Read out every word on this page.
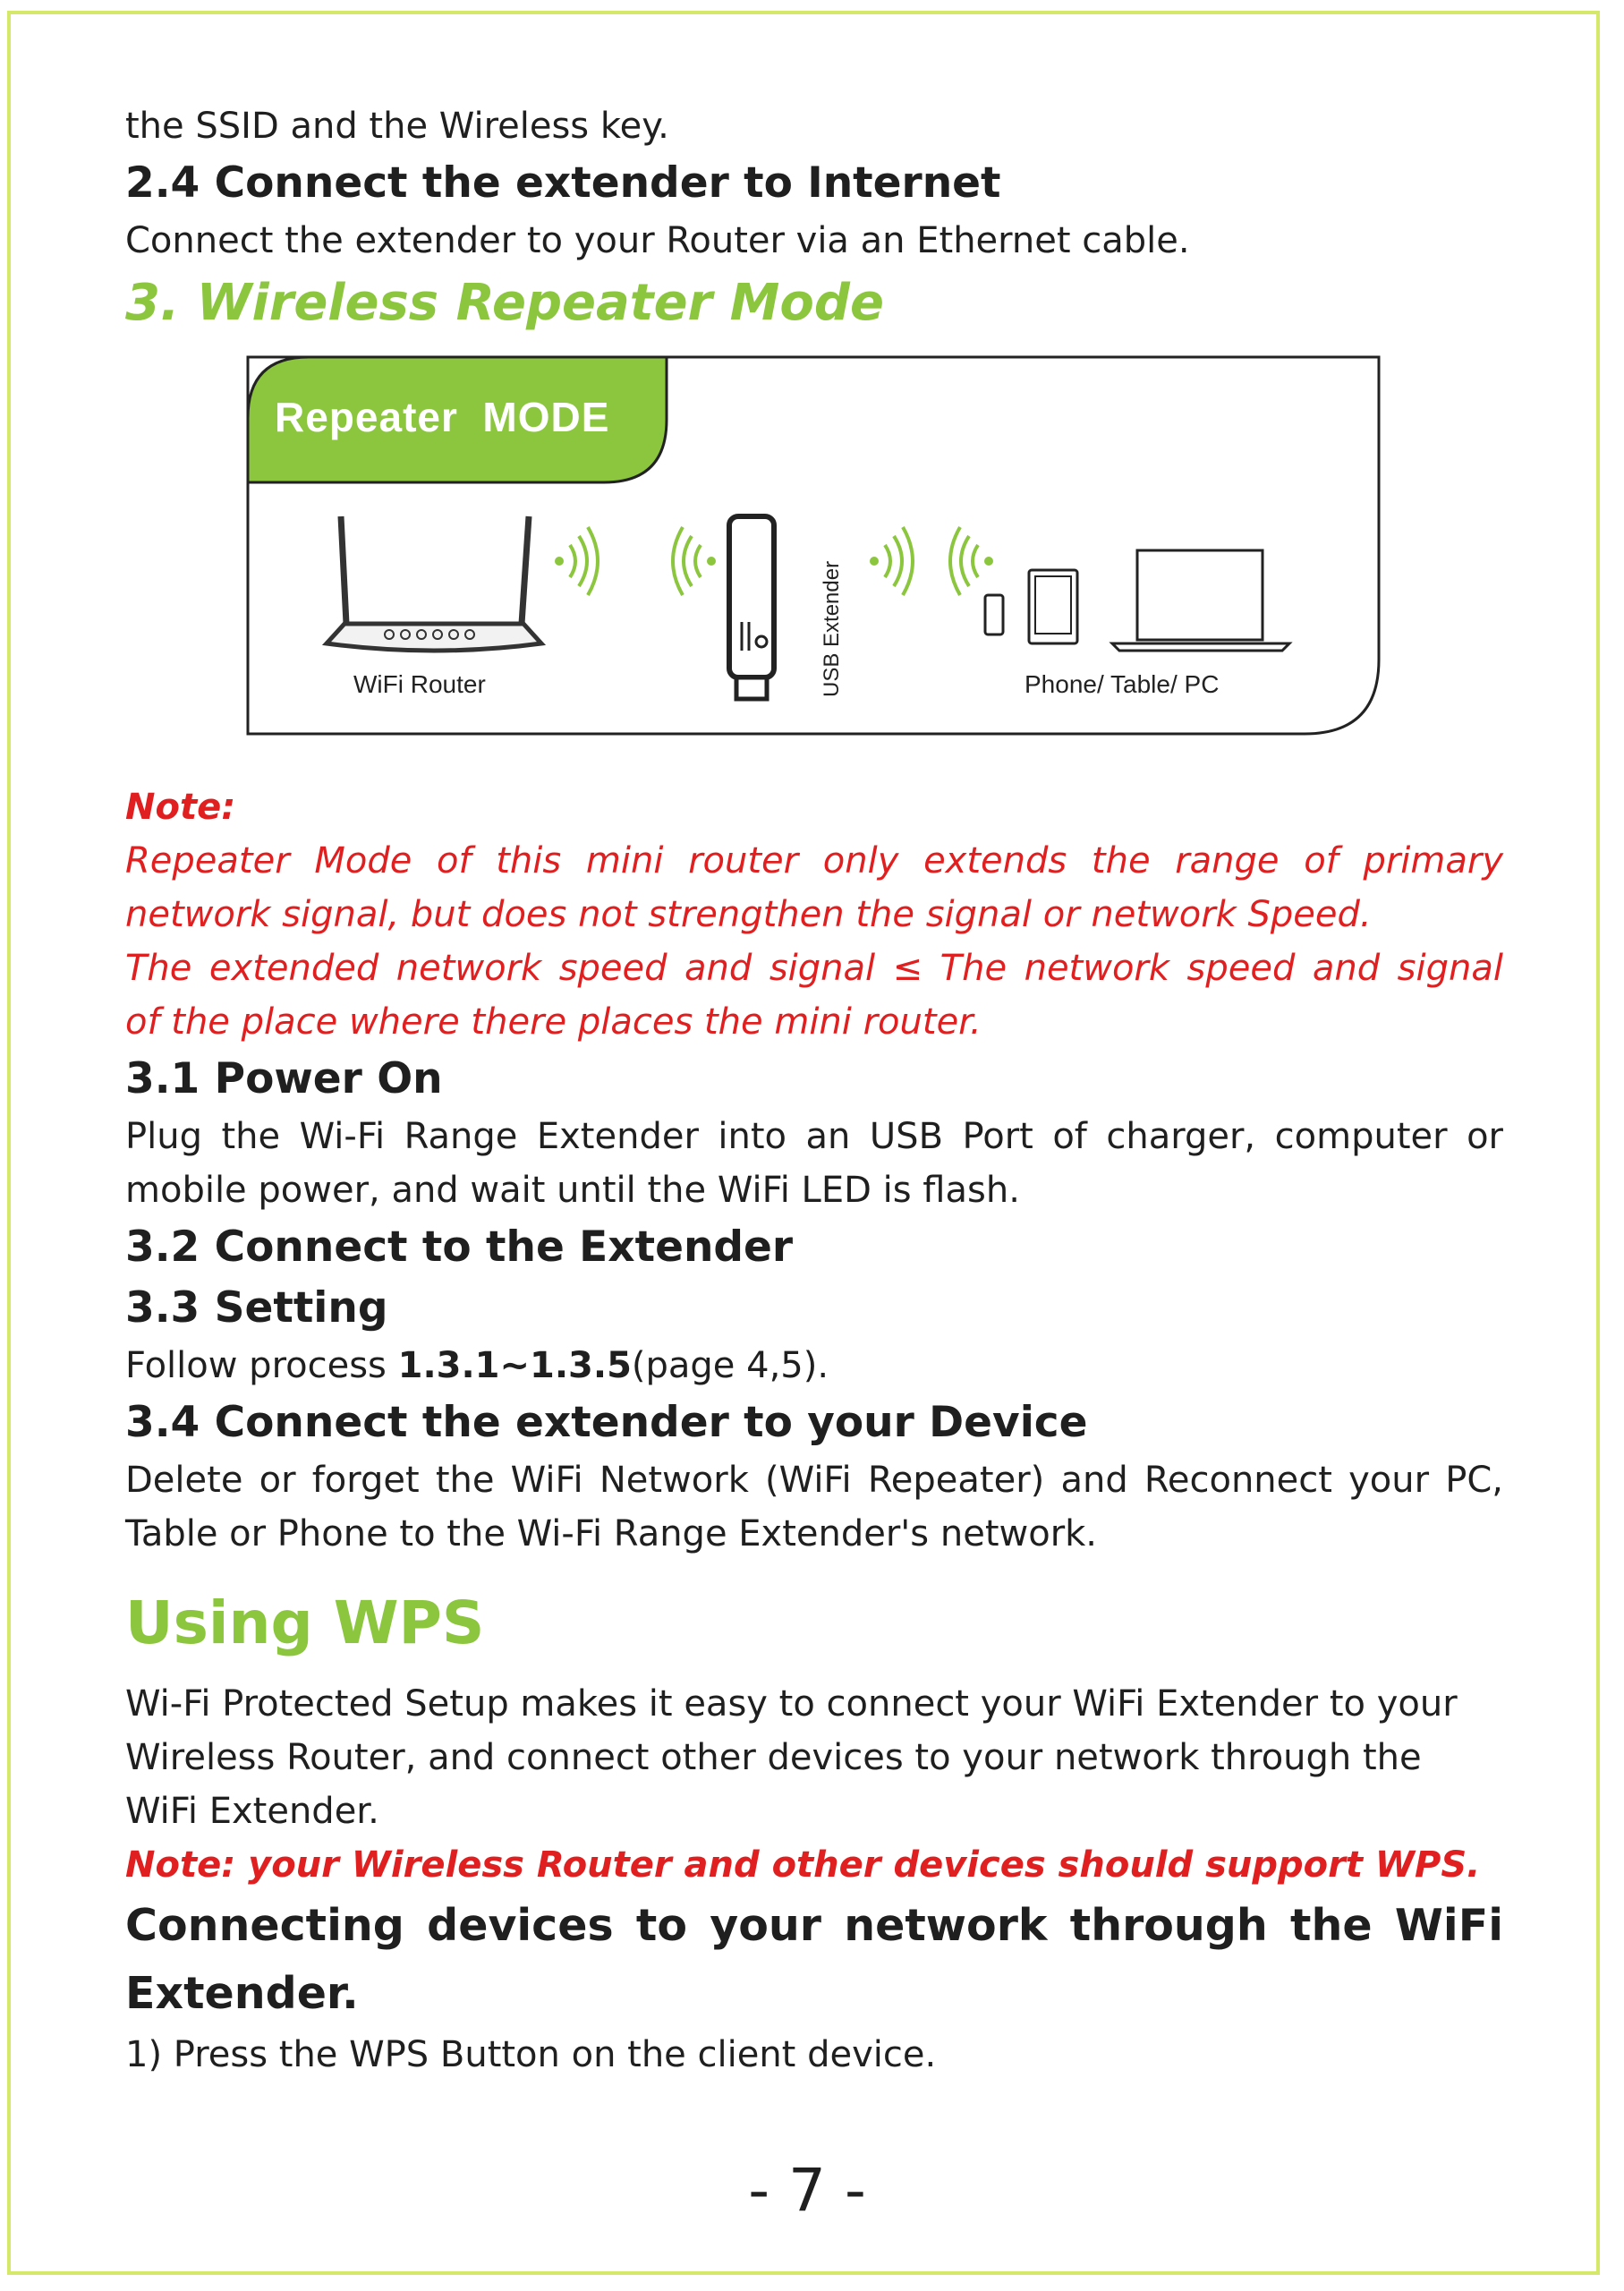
the SSID and the Wireless key.

2.4 Connect the extender to Internet

Connect the extender to your Router via an Ethernet cable.

3. Wireless Repeater Mode

USB Extender
Repeater  MODE
WiFi Router	Phone/ Table/ PC

Note:

Repeater Mode of this mini router only extends the range of primary

network signal, but does not strengthen the signal or network Speed.

The extended network speed and signal ≤ The network speed and signal

of the place where there places the mini router.

3.1 Power On

Plug the Wi-Fi Range Extender into an USB Port of charger, computer or

mobile power, and wait until the WiFi LED is flash.

3.2 Connect to the Extender

3.3 Setting

Follow process 1.3.1~1.3.5(page 4,5).

3.4 Connect the extender to your Device

Delete or forget the WiFi Network (WiFi Repeater) and Reconnect your PC,

Table or Phone to the Wi-Fi Range Extender's network.

Using WPS

Wi-Fi Protected Setup makes it easy to connect your WiFi Extender to your

Wireless Router, and connect other devices to your network through the

WiFi Extender.

Note: your Wireless Router and other devices should support WPS.

Connecting devices to your network through the WiFi

Extender.

1) Press the WPS Button on the client device.

- 7 -
